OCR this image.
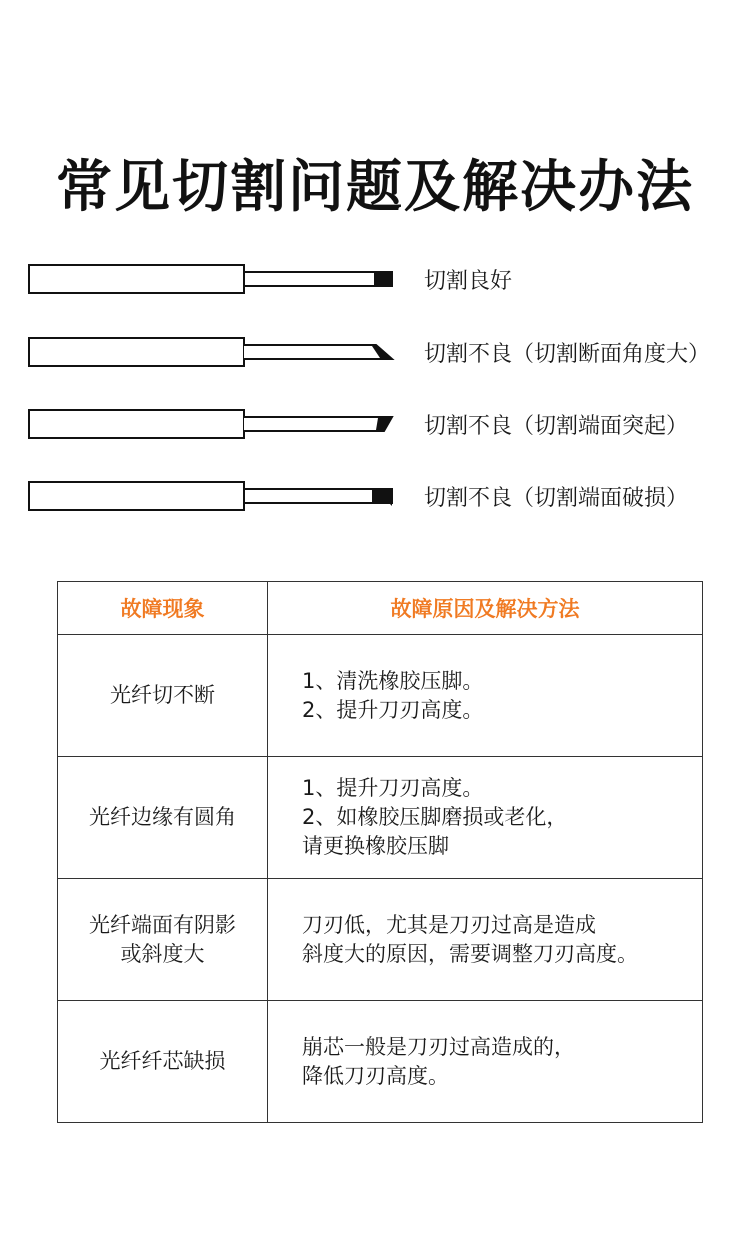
常见切割问题及解决办法
切割良好
切割不良（切割断面角度大）
切割不良（切割端面突起）
切割不良（切割端面破损）
故障现象	故障原因及解决方法

光纤切不断	1、清洗橡胶压脚。
2、提升刀刃高度。

光纤边缘有圆角	1、提升刀刃高度。
2、如橡胶压脚磨损或老化，
请更换橡胶压脚

光纤端面有阴影
或斜度大	刀刃低，尤其是刀刃过高是造成
斜度大的原因，需要调整刀刃高度。

光纤纤芯缺损	崩芯一般是刀刃过高造成的，
降低刀刃高度。
